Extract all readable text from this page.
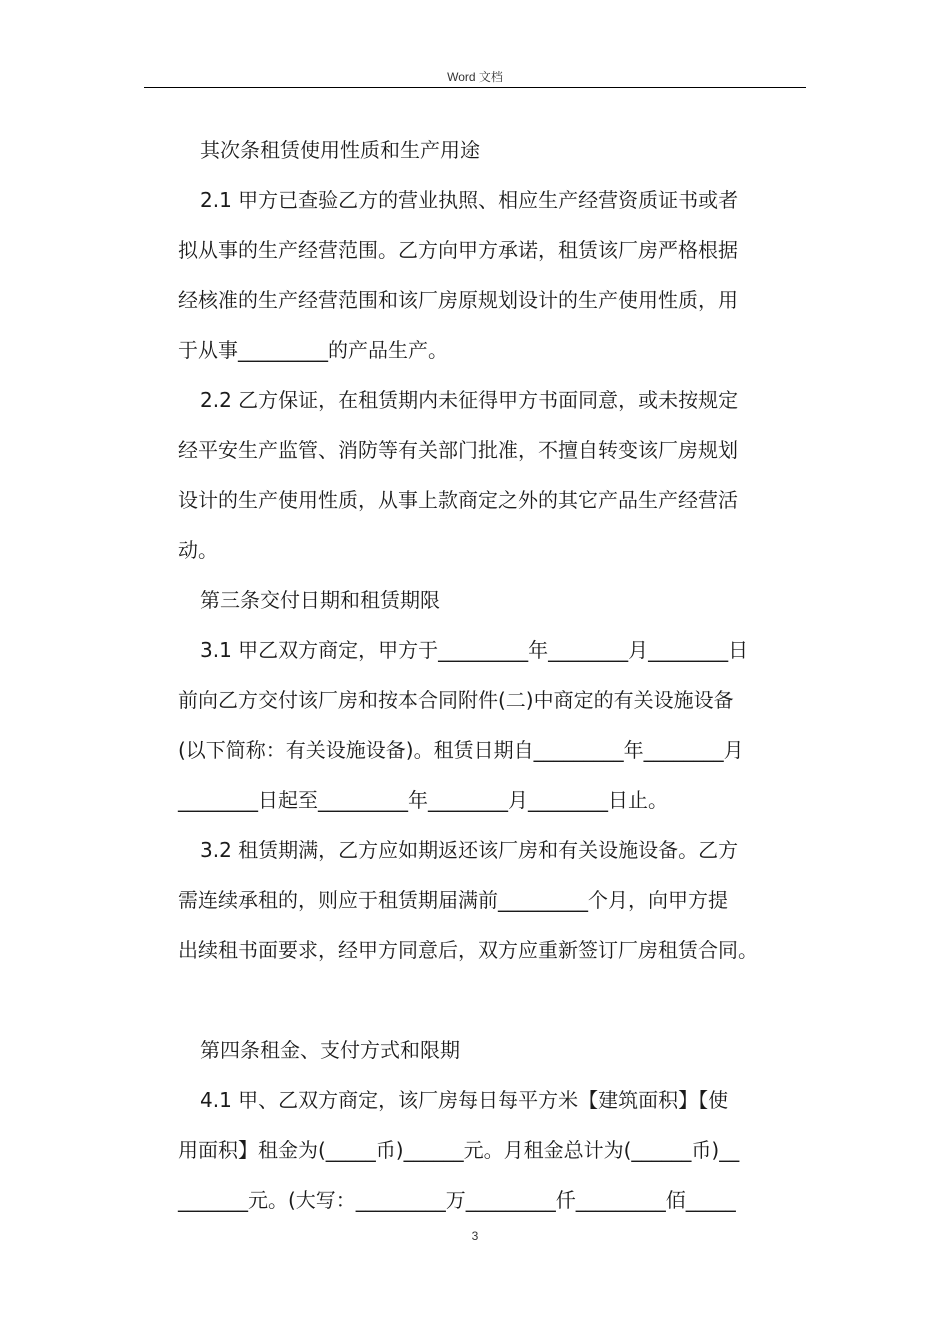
Word 文档
其次条租赁使用性质和生产用途
2.1 甲方已查验乙方的营业执照、相应生产经营资质证书或者
拟从事的生产经营范围。乙方向甲方承诺，租赁该厂房严格根据
经核准的生产经营范围和该厂房原规划设计的生产使用性质，用
于从事_________的产品生产。
2.2 乙方保证，在租赁期内未征得甲方书面同意，或未按规定
经平安生产监管、消防等有关部门批准，不擅自转变该厂房规划
设计的生产使用性质，从事上款商定之外的其它产品生产经营活
动。
第三条交付日期和租赁期限
3.1 甲乙双方商定，甲方于_________年________月________日
前向乙方交付该厂房和按本合同附件(二)中商定的有关设施设备
(以下简称：有关设施设备)。租赁日期自_________年________月
________日起至_________年________月________日止。
3.2 租赁期满，乙方应如期返还该厂房和有关设施设备。乙方
需连续承租的，则应于租赁期届满前_________个月，向甲方提
出续租书面要求，经甲方同意后，双方应重新签订厂房租赁合同。
第四条租金、支付方式和限期
4.1 甲、乙双方商定，该厂房每日每平方米【建筑面积】【使
用面积】租金为(_____币)______元。月租金总计为(______币)__
_______元。(大写：_________万_________仟_________佰_____
3
